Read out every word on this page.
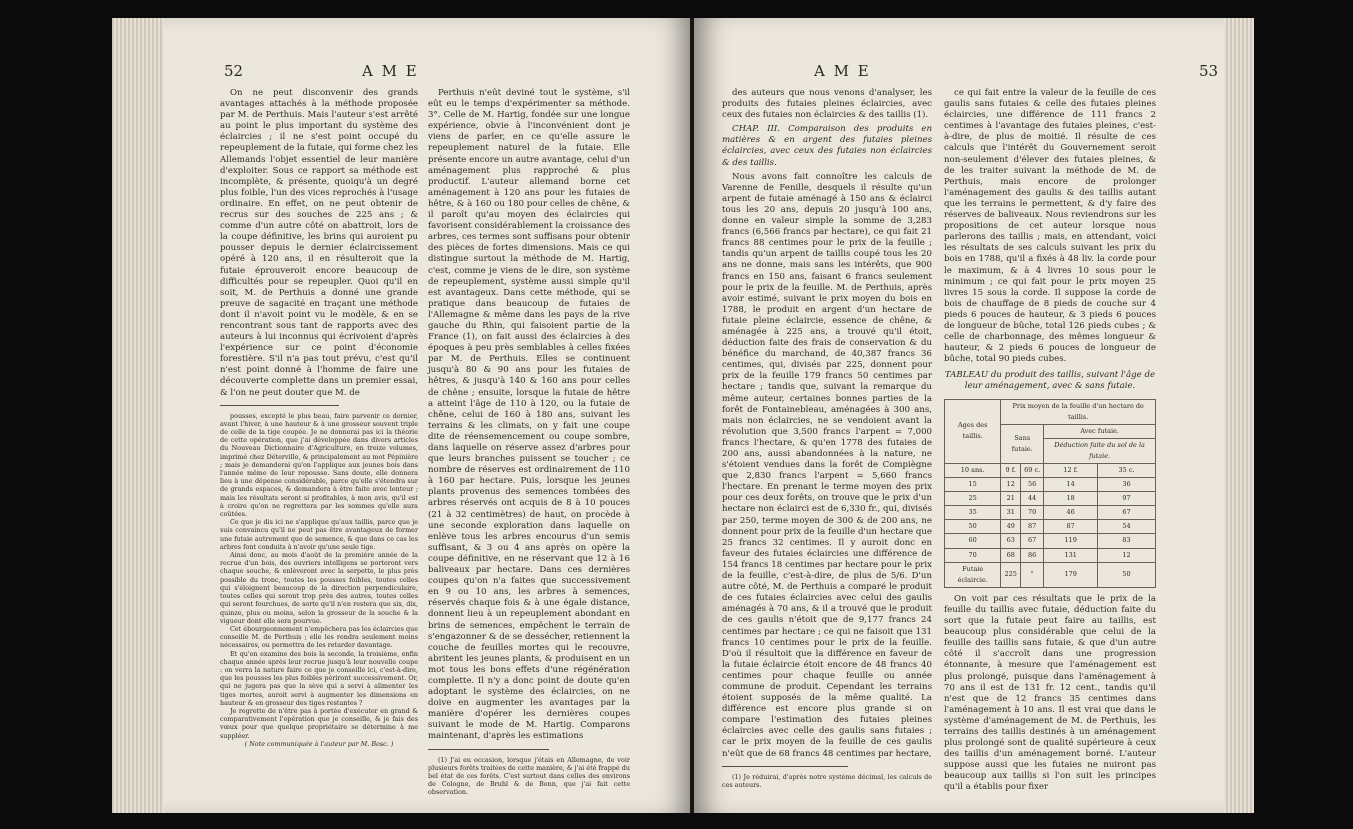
52	A M E

On ne peut disconvenir des grands avantages attachés à la méthode proposée par M. de Perthuis. Mais l'auteur s'est arrêté au point le plus important du système des éclaircies ; il ne s'est point occupé du repeuplement de la futaie, qui forme chez les Allemands l'objet essentiel de leur manière d'exploiter. Sous ce rapport sa méthode est incomplète, & présente, quoiqu'à un degré plus foible, l'un des vices reprochés à l'usage ordinaire. En effet, on ne peut obtenir de recrus sur des souches de 225 ans ; & comme d'un autre côté on abattroit, lors de la coupe définitive, les brins qui auroient pu pousser depuis le dernier éclaircissement opéré à 120 ans, il en résulteroit que la futaie éprouveroit encore beaucoup de difficultés pour se repeupler. Quoi qu'il en soit, M. de Perthuis a donné une grande preuve de sagacité en traçant une méthode dont il n'avoit point vu le modèle, & en se rencontrant sous tant de rapports avec des auteurs à lui inconnus qui écrivoient d'après l'expérience sur ce point d'économie forestière. S'il n'a pas tout prévu, c'est qu'il n'est point donné à l'homme de faire une découverte complette dans un premier essai, & l'on ne peut douter que M. de

pousses, excepté le plus beau, faire parvenir ce dernier, avant l'hiver, à une hauteur & à une grosseur souvent triple de celle de la tige coupée. Je ne donnerai pas ici la théorie de cette opération, que j'ai développée dans divers articles du Nouveau Dictionnaire d'Agriculture, en treize volumes, imprimé chez Déterville, & principalement au mot Pépinière ; mais je demanderai qu'on l'applique aux jeunes bois dans l'année même de leur repousse. Sans doute, elle donnera lieu à une dépense considérable, parce qu'elle s'étendra sur de grands espaces, & demandera à être faite avec lenteur ; mais les résultats seront si profitables, à mon avis, qu'il est à croire qu'on ne regrettera par les sommes qu'elle aura coûtées.

Ce que je dis ici ne s'applique qu'aux taillis, parce que je suis convaincu qu'il ne peut pas être avantageux de former une futaie autrement que de semence, & que dans ce cas les arbres font conduits à n'avoir qu'une seule tige.

Ainsi donc, au mois d'août de la première année de la recrue d'un bois, des ouvriers intelligens se porteront vers chaque souche, & enlèveront avec la serpette, le plus près possible du tronc, toutes les pousses foibles, toutes celles qui s'éloignent beaucoup de la direction perpendiculaire, toutes celles qui seront trop près des autres, toutes celles qui seront fourchues, de sorte qu'il n'en restera que six, dix, quinze, plus ou moins, selon la grosseur de la souche & la vigueur dont elle sera pourvue.

Cet ébourgeonnement n'empêchera pas les éclaircies que conseille M. de Perthuis ; elle les rendra seulement moins nécessaires, ou permettra de les retarder davantage.

Et qu'on examine des bois la seconde, la troisième, enfin chaque année après leur recrue jusqu'à leur nouvelle coupe : on verra la nature faire ce que je conseille ici, c'est-à-dire, que les pousses les plus foibles périront successivement. Or, qui ne jugera pas que la sève qui a servi à alimenter les tiges mortes, auroit servi à augmenter les dimensions en hauteur & en grosseur des tiges restantes ?

Je regrette de n'être pas à portée d'exécuter en grand & comparativement l'opération que je conseille, & je fais des vœux pour que quelque propriétaire se détermine à me suppléer.

( Note communiquée à l'auteur par M. Bosc. )

Perthuis n'eût deviné tout le système, s'il eût eu le temps d'expérimenter sa méthode. 3°. Celle de M. Hartig, fondée sur une longue expérience, obvie à l'inconvénient dont je viens de parler, en ce qu'elle assure le repeuplement naturel de la futaie. Elle présente encore un autre avantage, celui d'un aménagement plus rapproché & plus productif. L'auteur allemand borne cet aménagement à 120 ans pour les futaies de hêtre, & à 160 ou 180 pour celles de chêne, & il paroît qu'au moyen des éclaircies qui favorisent considérablement la croissance des arbres, ces termes sont suffisans pour obtenir des pièces de fortes dimensions. Mais ce qui distingue surtout la méthode de M. Hartig, c'est, comme je viens de le dire, son système de repeuplement, système aussi simple qu'il est avantageux. Dans cette méthode, qui se pratique dans beaucoup de futaies de l'Allemagne & même dans les pays de la rive gauche du Rhin, qui faisoient partie de la France (1), on fait aussi des éclaircies à des époques à peu près semblables à celles fixées par M. de Perthuis. Elles se continuent jusqu'à 80 & 90 ans pour les futaies de hêtres, & jusqu'à 140 & 160 ans pour celles de chêne ; ensuite, lorsque la futaie de hêtre a atteint l'âge de 110 à 120, ou la futaie de chêne, celui de 160 à 180 ans, suivant les terrains & les climats, on y fait une coupe dite de réensemencement ou coupe sombre, dans laquelle on réserve assez d'arbres pour que leurs branches puissent se toucher ; ce nombre de réserves est ordinairement de 110 à 160 par hectare. Puis, lorsque les jeunes plants provenus des semences tombées des arbres réservés ont acquis de 8 à 10 pouces (21 à 32 centimètres) de haut, on procède à une seconde exploration dans laquelle on enlève tous les arbres encourus d'un semis suffisant, & 3 ou 4 ans après on opère la coupe définitive, en ne réservant que 12 à 16 baliveaux par hectare. Dans ces dernières coupes qu'on n'a faites que successivement en 9 ou 10 ans, les arbres à semences, réservés chaque fois & à une égale distance, donnent lieu à un repeuplement abondant en brins de semences, empêchent le terrain de s'engazonner & de se dessécher, retiennent la couche de feuilles mortes qui le recouvre, abritent les jeunes plants, & produisent en un mot tous les bons effets d'une régénération complette. Il n'y a donc point de doute qu'en adoptant le système des éclaircies, on ne doive en augmenter les avantages par la manière d'opérer les dernières coupes suivant le mode de M. Hartig. Comparons maintenant, d'après les estimations

(1) J'ai eu occasion, lorsque j'étais en Allemagne, de voir plusieurs forêts traitées de cette manière, & j'ai été frappé du bel état de ces forêts. C'est surtout dans celles des environs de Cologne, de Bruhl & de Bonn, que j'ai fait cette observation.

A M E	53

des auteurs que nous venons d'analyser, les produits des futaies pleines éclaircies, avec ceux des futaies non éclaircies & des taillis (1).

CHAP. III. Comparaison des produits en matières & en argent des futaies pleines éclaircies, avec ceux des futaies non éclaircies & des taillis.

Nous avons fait connoître les calculs de Varenne de Fenille, desquels il résulte qu'un arpent de futaie aménagé à 150 ans & éclairci tous les 20 ans, depuis 20 jusqu'à 100 ans, donne en valeur simple la somme de 3,283 francs (6,566 francs par hectare), ce qui fait 21 francs 88 centimes pour le prix de la feuille ; tandis qu'un arpent de taillis coupé tous les 20 ans ne donne, mais sans les intérêts, que 900 francs en 150 ans, faisant 6 francs seulement pour le prix de la feuille. M. de Perthuis, après avoir estimé, suivant le prix moyen du bois en 1788, le produit en argent d'un hectare de futaie pleine éclaircie, essence de chêne, & aménagée à 225 ans, a trouvé qu'il étoit, déduction faite des frais de conservation & du bénéfice du marchand, de 40,387 francs 36 centimes, qui, divisés par 225, donnent pour prix de la feuille 179 francs 50 centimes par hectare ; tandis que, suivant la remarque du même auteur, certaines bonnes parties de la forêt de Fontainebleau, aménagées à 300 ans, mais non éclaircies, ne se vendoient avant la révolution que 3,500 francs l'arpent = 7,000 francs l'hectare, & qu'en 1778 des futaies de 200 ans, aussi abandonnées à la nature, ne s'étoient vendues dans la forêt de Compiègne que 2,830 francs l'arpent = 5,660 francs l'hectare. En prenant le terme moyen des prix pour ces deux forêts, on trouve que le prix d'un hectare non éclairci est de 6,330 fr., qui, divisés par 250, terme moyen de 300 & de 200 ans, ne donnent pour prix de la feuille d'un hectare que 25 francs 32 centimes. Il y auroit donc en faveur des futaies éclaircies une différence de 154 francs 18 centimes par hectare pour le prix de la feuille, c'est-à-dire, de plus de 5/6. D'un autre côté, M. de Perthuis a comparé le produit de ces futaies éclaircies avec celui des gaulis aménagés à 70 ans, & il a trouvé que le produit de ces gaulis n'étoit que de 9,177 francs 24 centimes par hectare ; ce qui ne faisoit que 131 francs 10 centimes pour le prix de la feuille. D'où il résultoit que la différence en faveur de la futaie éclaircie étoit encore de 48 francs 40 centimes pour chaque feuille ou année commune de produit. Cependant les terrains étoient supposés de la même qualité. La différence est encore plus grande si on compare l'estimation des futaies pleines éclaircies avec celle des gaulis sans futaies ; car le prix moyen de la feuille de ces gaulis n'eût que de 68 francs 48 centimes par hectare,

(1) Je réduirai, d'après notre système décimal, les calculs de ces auteurs.

ce qui fait entre la valeur de la feuille de ces gaulis sans futaies & celle des futaies pleines éclaircies, une différence de 111 francs 2 centimes à l'avantage des futaies pleines, c'est-à-dire, de plus de moitié. Il résulte de ces calculs que l'intérêt du Gouvernement seroit non-seulement d'élever des futaies pleines, & de les traiter suivant la méthode de M. de Perthuis, mais encore de prolonger l'aménagement des gaulis & des taillis autant que les terrains le permettent, & d'y faire des réserves de baliveaux. Nous reviendrons sur les propositions de cet auteur lorsque nous parlerons des taillis ; mais, en attendant, voici les résultats de ses calculs suivant les prix du bois en 1788, qu'il a fixés à 48 liv. la corde pour le maximum, & à 4 livres 10 sous pour le minimum ; ce qui fait pour le prix moyen 25 livres 15 sous la corde. Il suppose la corde de bois de chauffage de 8 pieds de couche sur 4 pieds 6 pouces de hauteur, & 3 pieds 6 pouces de longueur de bûche, total 126 pieds cubes ; & celle de charbonnage, des mêmes longueur & hauteur, & 2 pieds 6 pouces de longueur de bûche, total 90 pieds cubes.

TABLEAU du produit des taillis, suivant l'âge de leur aménagement, avec & sans futaie.

Ages des taillis.	Prix moyen de la feuille d'un hectare de taillis.			
	Sans futaie.		Avec futaie.	
			Déduction faite du sol de la futaie.	
10 ans.	9 f.	69 c.	12 f.	35 c.
15	12	56	14	36
25	21	44	18	97
35	31	70	46	67
50	49	87	87	54
60	63	67	119	83
70	68	86	131	12
Futaie éclaircie.	225	"	179	50

On voit par ces résultats que le prix de la feuille du taillis avec futaie, déduction faite du sort que la futaie peut faire au taillis, est beaucoup plus considérable que celui de la feuille des taillis sans futaie, & que d'un autre côté il s'accroît dans une progression étonnante, à mesure que l'aménagement est plus prolongé, puisque dans l'aménagement à 70 ans il est de 131 fr. 12 cent., tandis qu'il n'est que de 12 francs 35 centimes dans l'aménagement à 10 ans. Il est vrai que dans le système d'aménagement de M. de Perthuis, les terrains des taillis destinés à un aménagement plus prolongé sont de qualité supérieure à ceux des taillis d'un aménagement borné. L'auteur suppose aussi que les futaies ne nuiront pas beaucoup aux taillis si l'on suit les principes qu'il a établis pour fixer
